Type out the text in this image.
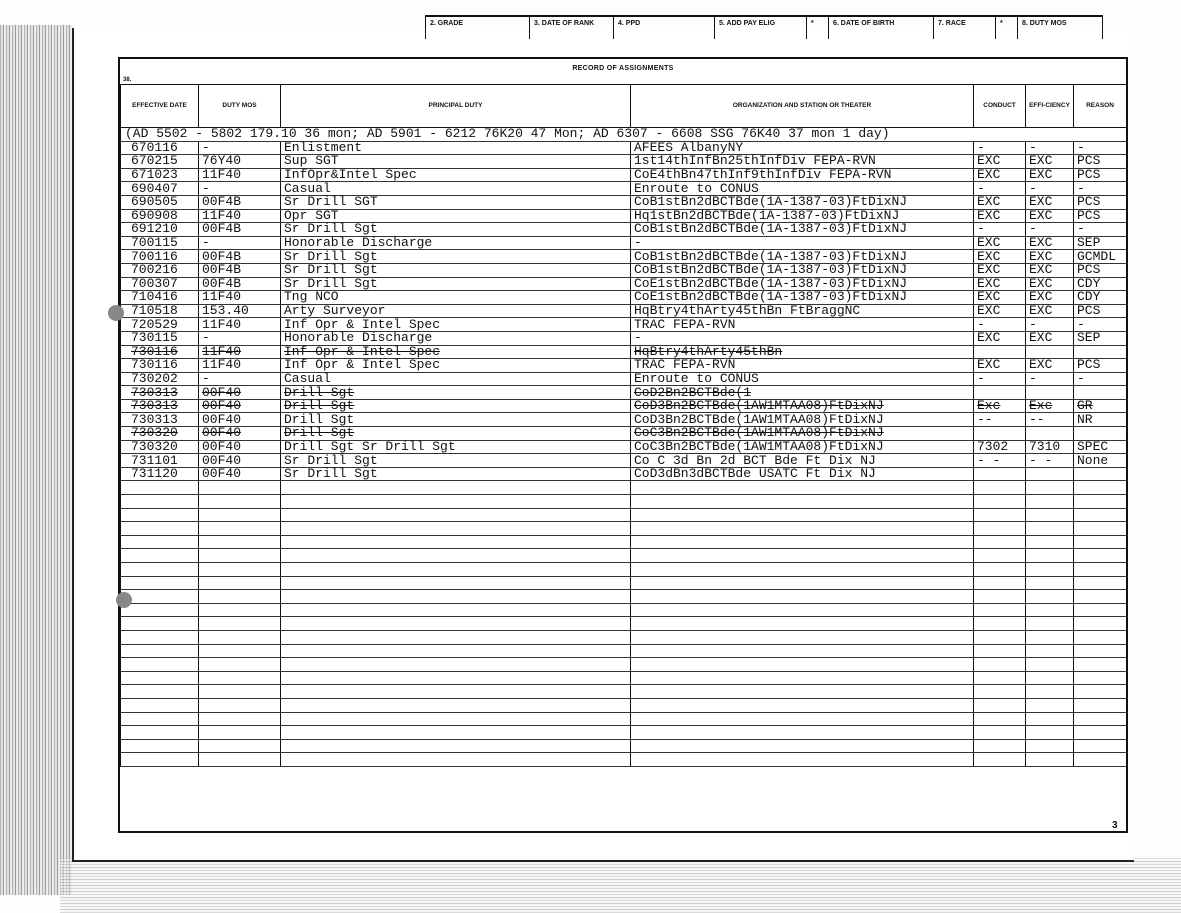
2. GRADE	3. DATE OF RANK	4. PPD	5. ADD PAY ELIG	*	6. DATE OF BIRTH	7. RACE	*	8. DUTY MOS
RECORD OF ASSIGNMENTS
38.
EFFECTIVE DATE	DUTY MOS	PRINCIPAL DUTY	ORGANIZATION AND STATION OR THEATER	CONDUCT	EFFI-CIENCY	REASON
(AD 5502 - 5802 179.10 36 mon; AD 5901 - 6212 76K20 47 Mon; AD 6307 - 6608 SSG 76K40 37 mon 1 day)						
670116	-	Enlistment	AFEES AlbanyNY	-	-	-
670215	76Y40	Sup SGT	1st14thInfBn25thInfDiv FEPA-RVN	EXC	EXC	PCS
671023	11F40	InfOpr&Intel Spec	CoE4thBn47thInf9thInfDiv FEPA-RVN	EXC	EXC	PCS
690407	-	Casual	Enroute to CONUS	-	-	-
690505	00F4B	Sr Drill SGT	CoB1stBn2dBCTBde(1A-1387-03)FtDixNJ	EXC	EXC	PCS
690908	11F40	Opr SGT	Hq1stBn2dBCTBde(1A-1387-03)FtDixNJ	EXC	EXC	PCS
691210	00F4B	Sr Drill Sgt	CoB1stBn2dBCTBde(1A-1387-03)FtDixNJ	-	-	-
700115	-	Honorable Discharge	-	EXC	EXC	SEP
700116	00F4B	Sr Drill Sgt	CoB1stBn2dBCTBde(1A-1387-03)FtDixNJ	EXC	EXC	GCMDL
700216	00F4B	Sr Drill Sgt	CoB1stBn2dBCTBde(1A-1387-03)FtDixNJ	EXC	EXC	PCS
700307	00F4B	Sr Drill Sgt	CoE1stBn2dBCTBde(1A-1387-03)FtDixNJ	EXC	EXC	CDY
710416	11F40	Tng NCO	CoE1stBn2dBCTBde(1A-1387-03)FtDixNJ	EXC	EXC	CDY
710518	153.40	Arty Surveyor	HqBtry4thArty45thBn FtBraggNC	EXC	EXC	PCS
720529	11F40	Inf Opr & Intel Spec	TRAC FEPA-RVN	-	-	-
730115	-	Honorable Discharge	-	EXC	EXC	SEP
730116	11F40	Inf Opr & Intel Spec	HqBtry4thArty45thBn			
730116	11F40	Inf Opr & Intel Spec	TRAC FEPA-RVN	EXC	EXC	PCS
730202	-	Casual	Enroute to CONUS	-	-	-
730313	00F40	Drill Sgt	CoD2Bn2BCTBde(1			
730313	00F40	Drill Sgt	CoD3Bn2BCTBde(1AW1MTAA08)FtDixNJ	Exc	Exc	GR
730313	00F40	Drill Sgt	CoD3Bn2BCTBde(1AW1MTAA08)FtDixNJ	--	--	NR
730320	00F40	Drill Sgt	CoC3Bn2BCTBde(1AW1MTAA08)FtDixNJ			
730320	00F40	Drill Sgt Sr Drill Sgt	CoC3Bn2BCTBde(1AW1MTAA08)FtDixNJ	7302	7310	SPEC
731101	00F40	Sr Drill Sgt	Co C 3d Bn 2d BCT Bde Ft Dix NJ	- -	- -	None
731120	00F40	Sr Drill Sgt	CoD3dBn3dBCTBde USATC Ft Dix NJ			

3
